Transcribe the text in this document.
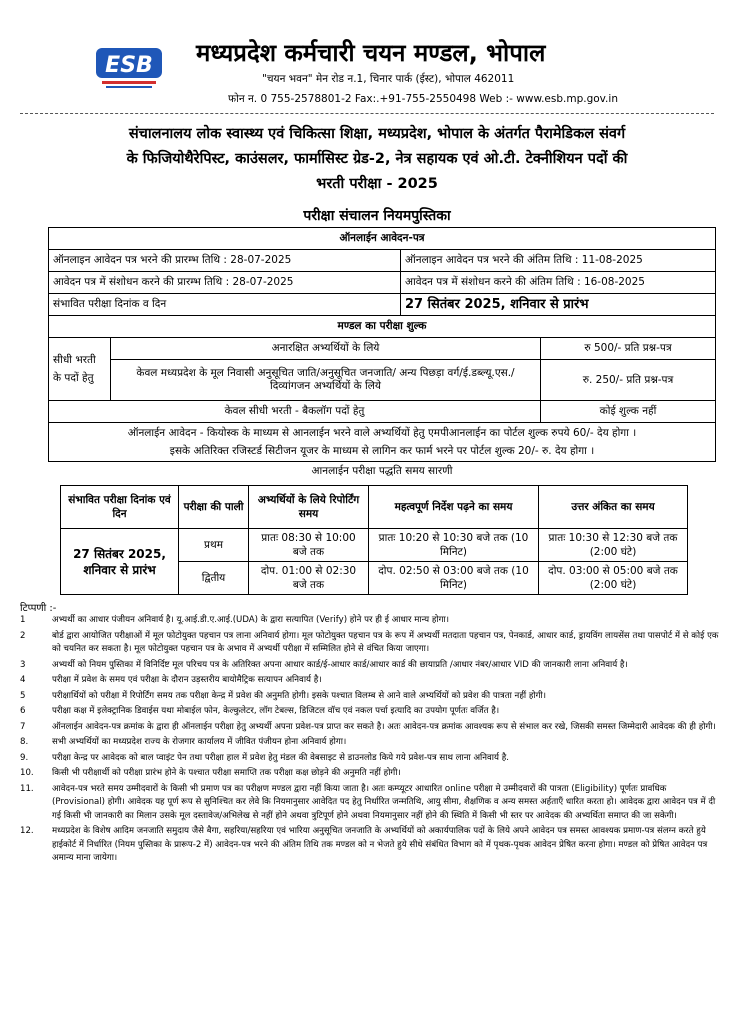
ESB मध्यप्रदेश कर्मचारी चयन मण्डल, भोपाल
"चयन भवन" मेन रोड न.1, चिनार पार्क (ईस्ट), भोपाल 462011
फोन न. 0 755-2578801-2 Fax:.+91-755-2550498 Web :- www.esb.mp.gov.in
संचालनालय लोक स्वास्थ्य एवं चिकित्सा शिक्षा, मध्यप्रदेश, भोपाल के अंतर्गत पैरामेडिकल संवर्ग
के फिजियोथैरेपिस्ट, काउंसलर, फार्मासिस्ट ग्रेड-2, नेत्र सहायक एवं ओ.टी. टेक्नीशियन पदों की
भरती परीक्षा - 2025
परीक्षा संचालन नियमपुस्तिका
ऑनलाईन आवेदन-पत्र			
ऑनलाइन आवेदन पत्र भरने की प्रारम्भ तिथि : 28-07-2025		ऑनलाइन आवेदन पत्र भरने की अंतिम तिथि : 11-08-2025	
आवेदन पत्र में संशोधन करने की प्रारम्भ तिथि : 28-07-2025		आवेदन पत्र में संशोधन करने की अंतिम तिथि : 16-08-2025	
संभावित परीक्षा दिनांक व दिन		27 सितंबर 2025, शनिवार से प्रारंभ	
मण्डल का परीक्षा शुल्क			
सीधी भरती के पदों हेतु	अनारक्षित अभ्यर्थियों के लिये		रु 500/- प्रति प्रश्न-पत्र
	केवल मध्यप्रदेश के मूल निवासी अनुसूचित जाति/अनुसूचित जनजाति/ अन्य पिछड़ा वर्ग/ई.डब्ल्यू.एस./ दिव्यांगजन अभ्यर्थियों के लिये		रु. 250/- प्रति प्रश्न-पत्र
केवल सीधी भरती - बैकलॉग पदों हेतु			कोई शुल्क नहीं

ऑनलाईन आवेदन - कियोस्क के माध्यम से आनलाईन भरने वाले अभ्यर्थियों हेतु एमपीआनलाईन का पोर्टल शुल्क रुपये 60/- देय होगा ।
इसके अतिरिक्त रजिस्टर्ड सिटीजन यूजर के माध्यम से लागिन कर फार्म भरने पर पोर्टल शुल्क 20/- रु. देय होगा ।			

आनलाईन परीक्षा पद्धति समय सारणी			
संभावित परीक्षा दिनांक एवं दिन	परीक्षा की पाली	अभ्यर्थियों के लिये रिपोर्टिंग समय	महत्वपूर्ण निर्देश पढ़ने का समय	उत्तर अंकित का समय
27 सितंबर 2025, शनिवार से प्रारंभ	प्रथम	प्रातः 08:30 से 10:00 बजे तक	प्रातः 10:20 से 10:30 बजे तक (10 मिनिट)	प्रातः 10:30 से 12:30 बजे तक (2:00 घंटे)
	द्वितीय	दोप. 01:00 से 02:30 बजे तक	दोप. 02:50 से 03:00 बजे तक (10 मिनिट)	दोप. 03:00 से 05:00 बजे तक (2:00 घंटे)
टिप्पणी :-
1	अभ्यर्थी का आधार पंजीयन अनिवार्य है। यू.आई.डी.ए.आई.(UDA) के द्वारा सत्यापित (Verify) होने पर ही ई आधार मान्य होगा।
2	बोर्ड द्वारा आयोजित परीक्षाओं में मूल फोटोयुक्त पहचान पत्र लाना अनिवार्य होगा। मूल फोटोयुक्त पहचान पत्र के रूप में अभ्यर्थी मतदाता पहचान पत्र, पेनकार्ड, आधार कार्ड, ड्रायविंग लायसेंस तथा पासपोर्ट में से कोई एक को चयनित कर सकता है। मूल फोटोयुक्त पहचान पत्र के अभाव में अभ्यर्थी परीक्षा में सम्मिलित होने से वंचित किया जाएगा।
3	अभ्यर्थी को नियम पुस्तिका में विनिर्दिष्ट मूल परिचय पत्र के अतिरिक्त अपना आधार कार्ड/ई-आधार कार्ड/आधार कार्ड की छायाप्रति /आधार नंबर/आधार VID की जानकारी लाना अनिवार्य है।
4	परीक्षा में प्रवेश के समय एवं परीक्षा के दौरान उड़स्तरीय बायोमैट्रिक सत्यापन अनिवार्य है।
5	परीक्षार्थियों को परीक्षा में रिपोर्टिंग समय तक परीक्षा केन्द्र में प्रवेश की अनुमति होगी। इसके पश्चात विलम्ब से आने वाले अभ्यर्थियों को प्रवेश की पात्रता नहीं होगी।
6	परीक्षा कक्ष में इलेक्ट्रानिक डिवाईस यथा मोबाईल फोन, केल्कुलेटर, लॉग टेबल्स, डिजिटल वॉच एवं नकल पर्चा इत्यादि का उपयोग पूर्णतः वर्जित है।
7	ऑनलाईन आवेदन-पत्र क्रमांक के द्वारा ही ऑनलाईन परीक्षा हेतु अभ्यर्थी अपना प्रवेश-पत्र प्राप्त कर सकते है। अतः आवेदन-पत्र क्रमांक आवश्यक रूप से संभाल कर रखे, जिसकी समस्त जिम्मेदारी आवेदक की ही होगी।
8.	सभी अभ्यर्थियों का मध्यप्रदेश राज्य के रोजगार कार्यालय में जीवित पंजीयन होना अनिवार्य होगा।
9.	परीक्षा केन्द्र पर आवेदक को बाल प्वाइंट पेन तथा परीक्षा हाल में प्रवेश हेतु मंडल की वेबसाइट से डाउनलोड किये गये प्रवेश-पत्र साथ लाना अनिवार्य है.
10.	किसी भी परीक्षार्थी को परीक्षा प्रारंभ होने के पश्चात परीक्षा समाप्ति तक परीक्षा कक्ष छोड़ने की अनुमति नहीं होगी।
11.	आवेदन-पत्र भरते समय उम्मीदवारों के किसी भी प्रमाण पत्र का परीक्षण मण्डल द्वारा नहीं किया जाता है। अतः कम्प्यूटर आधारित online परीक्षा मे उम्मीदवारों की पात्रता (Eligibility) पूर्णतः प्रावधिक (Provisional) होगी। आवेदक यह पूर्ण रूप से सुनिश्चित कर लेवे कि नियमानुसार आवेदित पद हेतु निर्धारित जन्मतिथि, आयु सीमा, शैक्षणिक व अन्य समस्त अर्हताएँ धारित करता हो। आवेदक द्वारा आवेदन पत्र में दी गई किसी भी जानकारी का मिलान उसके मूल दस्तावेज/अभिलेख से नहीं होने अथवा त्रुटिपूर्ण होने अथवा नियमानुसार नहीं होने की स्थिति में किसी भी स्तर पर आवेदक की अभ्यर्थिता समाप्त की जा सकेगी।
12.	मध्यप्रदेश के विशेष आदिम जनजाति समुदाय जैसे बैगा, सहरिया/सहरिया एवं भारिया अनुसूचित जनजाति के अभ्यर्थियों को अकार्यपालिक पदों के लिये अपने आवेदन पत्र समस्त आवश्यक प्रमाण-पत्र संलग्न करते हुये हाईकोर्ट में निर्धारित (नियम पुस्तिका के प्रारूप-2 में) आवेदन-पत्र भरने की अंतिम तिथि तक मण्डल को न भेजते हुये सीधे संबंधित विभाग को में पृथक-पृथक आवेदन प्रेषित करना होगा। मण्डल को प्रेषित आवेदन पत्र अमान्य माना जायेगा।
